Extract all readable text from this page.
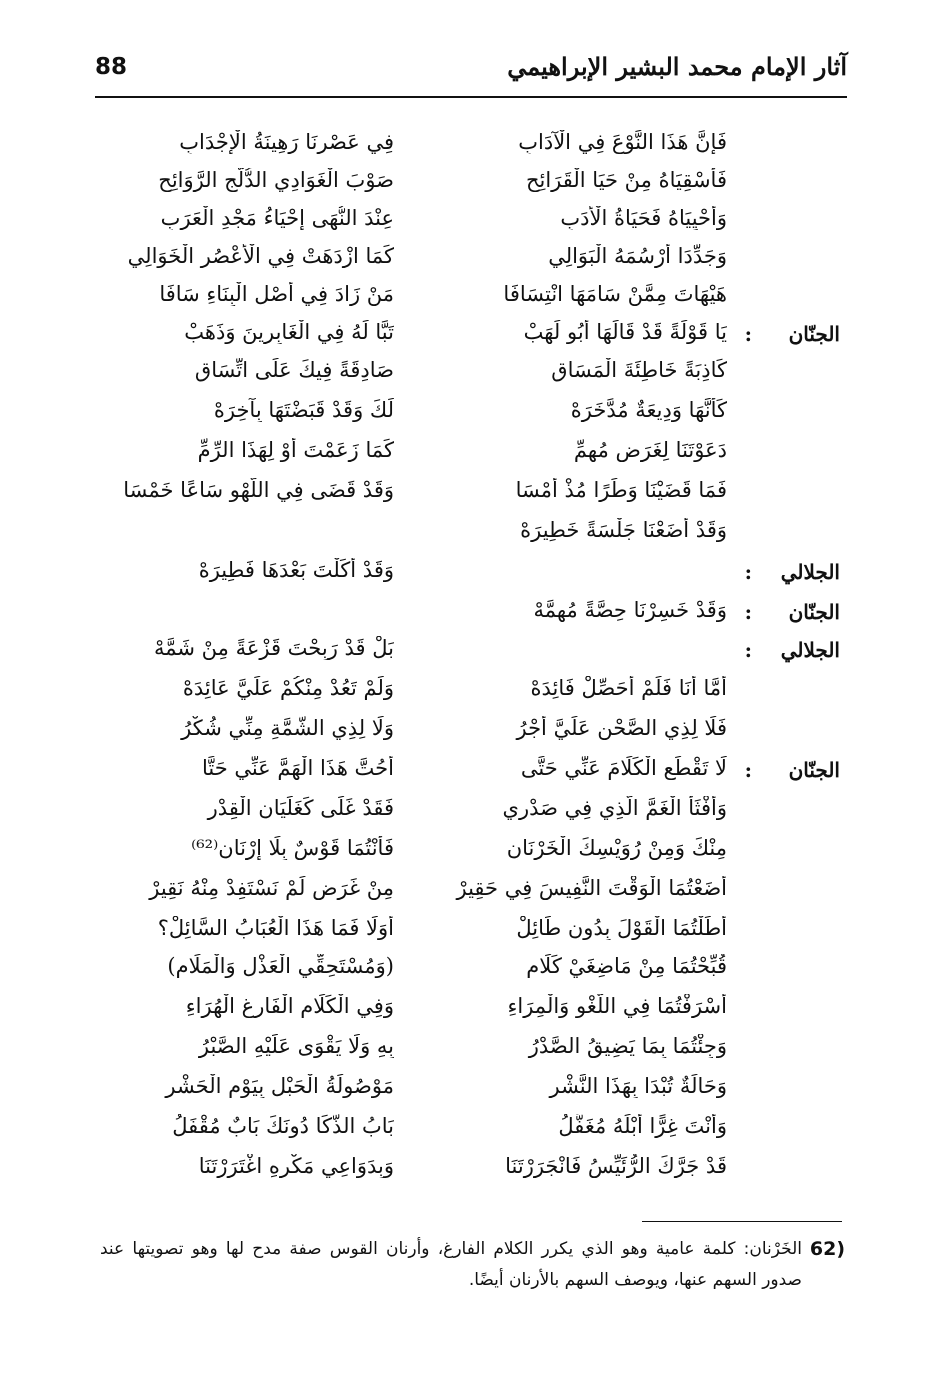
88	آثار الإمام محمد البشير الإبراهيمي
فَإِنَّ هَذَا النَّوْعَ فِي الْآدَابِ
فِي عَصْرِنَا رَهِينَةُ الْإِجْدَابِ
فَأَسْقِيَاهُ مِنْ حَيَا الْقَرَائِحِ
صَوْبَ الْغَوَادِي الدُّلَّجِ الرَّوَائِحِ
وَأَحْيِيَاهُ فَحَيَاةُ الْأَدَبِ
عِنْدَ النُّهَى إِحْيَاءُ مَجْدِ الْعَرَبِ
وَجَدِّدَا أَرْسُمَهُ الْبَوَالِي
كَمَا ازْدَهَتْ فِي الْأَعْصُرِ الْخَوَالِي
هَيْهَاتَ مِمَّنْ سَامَهَا انْتِسَافَا
مَنْ زَادَ فِي أَصْلِ الْبِنَاءِ سَافَا
الجنّان
:
يَا قَوْلَةً قَدْ قَالَهَا أَبُو لَهَبْ
تَبًّا لَهُ فِي الْغَابِرِينَ وَذَهَبْ
كَاذِبَةً خَاطِئَةَ الْمَسَاقِ
صَادِقَةً فِيكَ عَلَى اتِّسَاقِ
كَأَنَّهَا وَدِيعَةٌ مُدَّخَرَهْ
لَكَ وَقَدْ قَبَضْتَهَا بِآخِرَهْ
دَعَوْتَنَا لِغَرَضٍ مُهِمِّ
كَمَا زَعَمْتَ أَوْ لِهَذَا الرِّمِّ
فَمَا قَضَيْنَا وَطَرًا مُذْ أَمْسَا
وَقَدْ قَضَى فِي اللَّهْوِ سَاعًا خَمْسَا
وَقَدْ أَضَعْنَا جَلْسَةً خَطِيرَهْ
الجلالي
:
وَقَدْ أَكَلْتَ بَعْدَهَا فَطِيرَهْ
الجنّان
:
وَقَدْ خَسِرْنَا حِصَّةً مُهِمَّهْ
الجلالي
:
بَلْ قَدْ رَبِحْتَ قَزْعَةً مِنْ شَمَّهْ
أَمَّا أَنَا فَلَمْ أُحَصِّلْ فَائِدَهْ
وَلَمْ تَعُدْ مِنْكُمْ عَلَيَّ عَائِدَهْ
فَلَا لِذِي الصَّحْنِ عَلَيَّ أَجْرُ
وَلَا لِذِي الشَّمَّةِ مِنِّي شُكْرُ
الجنّان
:
لَا تَقْطَعِ الْكَلَامَ عَنِّي حَتَّى
أُحُتَّ هَذَا الْهَمَّ عَنِّي حَتَّا
وَأَفْثَأَ الْغَمَّ الَّذِي فِي صَدْرِي
فَقَدْ غَلَى كَغَلَيَانِ الْقِدْرِ
مِنْكَ وَمِنْ رُوَيْسِكَ الْخَرْنَانِ
فَأَنْتُمَا قَوْسٌ بِلَا إِرْنَانِ⁽⁶²⁾
أَضَعْتُمَا الْوَقْتَ النَّفِيسَ فِي حَقِيرْ
مِنْ غَرَضٍ لَمْ نَسْتَفِدْ مِنْهُ نَقِيرْ
أَطَلْتُمَا الْقَوْلَ بِدُونِ طَائِلْ
أَوَلَا فَمَا هَذَا الْعُبَابُ السَّائِلْ؟
قُبِّحْتُمَا مِنْ مَاضِغَيْ كَلَامِ
(وَمُسْتَحِقِّي الْعَذْلِ وَالْمَلَامِ)
أَسْرَفْتُمَا فِي اللَّغْوِ وَالْمِرَاءِ
وَفِي الْكَلَامِ الْفَارِغِ الْهُرَاءِ
وَجِئْتُمَا بِمَا يَضِيقُ الصَّدْرُ
بِهِ وَلَا يَقْوَى عَلَيْهِ الصَّبْرُ
وَحَالَةٌ تُبْدَا بِهَذَا النَّشْرِ
مَوْصُولَةُ الْحَبْلِ بِيَوْمِ الْحَشْرِ
وَأَنْتَ غِرًّا أَبْلَهُ مُغَفَّلُ
بَابُ الذَّكَا دُونَكَ بَابٌ مُقْفَلُ
قَدْ جَرَّكَ الرُّئَيِّسُ فَانْجَرَرْتَنَا
وَبِدَوَاعِي مَكْرِهِ اغْتَرَرْتَنَا
62)
الخَرْنان: كلمة عامية وهو الذي يكرر الكلام الفارغ، وأرنان القوس صفة مدح لها وهو تصويتها عند صدور السهم عنها، ويوصف السهم بالأرنان أيضًا.
